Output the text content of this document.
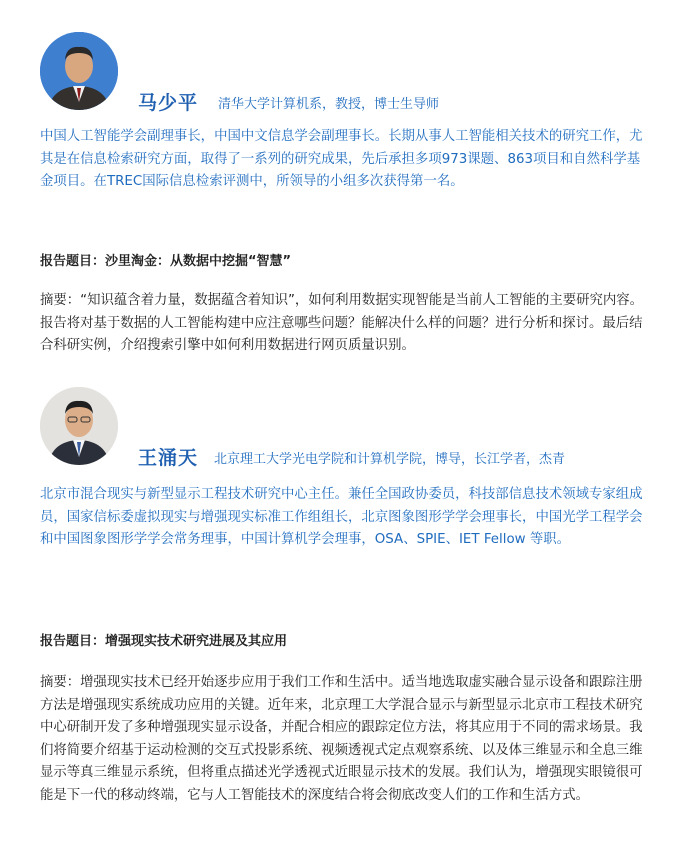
马少平 清华大学计算机系，教授，博士生导师
中国人工智能学会副理事长，中国中文信息学会副理事长。长期从事人工智能相关技术的研究工作，尤其是在信息检索研究方面，取得了一系列的研究成果，先后承担多项973课题、863项目和自然科学基金项目。在TREC国际信息检索评测中，所领导的小组多次获得第一名。
报告题目：沙里淘金：从数据中挖掘“智慧”
摘要：“知识蕴含着力量，数据蕴含着知识”，如何利用数据实现智能是当前人工智能的主要研究内容。报告将对基于数据的人工智能构建中应注意哪些问题？能解决什么样的问题？进行分析和探讨。最后结合科研实例，介绍搜索引擎中如何利用数据进行网页质量识别。
王涌天 北京理工大学光电学院和计算机学院，博导，长江学者，杰青
北京市混合现实与新型显示工程技术研究中心主任。兼任全国政协委员，科技部信息技术领域专家组成员，国家信标委虚拟现实与增强现实标准工作组组长，北京图象图形学学会理事长，中国光学工程学会和中国图象图形学学会常务理事，中国计算机学会理事，OSA、SPIE、IET Fellow 等职。
报告题目：增强现实技术研究进展及其应用
摘要：增强现实技术已经开始逐步应用于我们工作和生活中。适当地选取虚实融合显示设备和跟踪注册方法是增强现实系统成功应用的关键。近年来，北京理工大学混合显示与新型显示北京市工程技术研究中心研制开发了多种增强现实显示设备，并配合相应的跟踪定位方法，将其应用于不同的需求场景。我们将简要介绍基于运动检测的交互式投影系统、视频透视式定点观察系统、以及体三维显示和全息三维显示等真三维显示系统，但将重点描述光学透视式近眼显示技术的发展。我们认为，增强现实眼镜很可能是下一代的移动终端，它与人工智能技术的深度结合将会彻底改变人们的工作和生活方式。
